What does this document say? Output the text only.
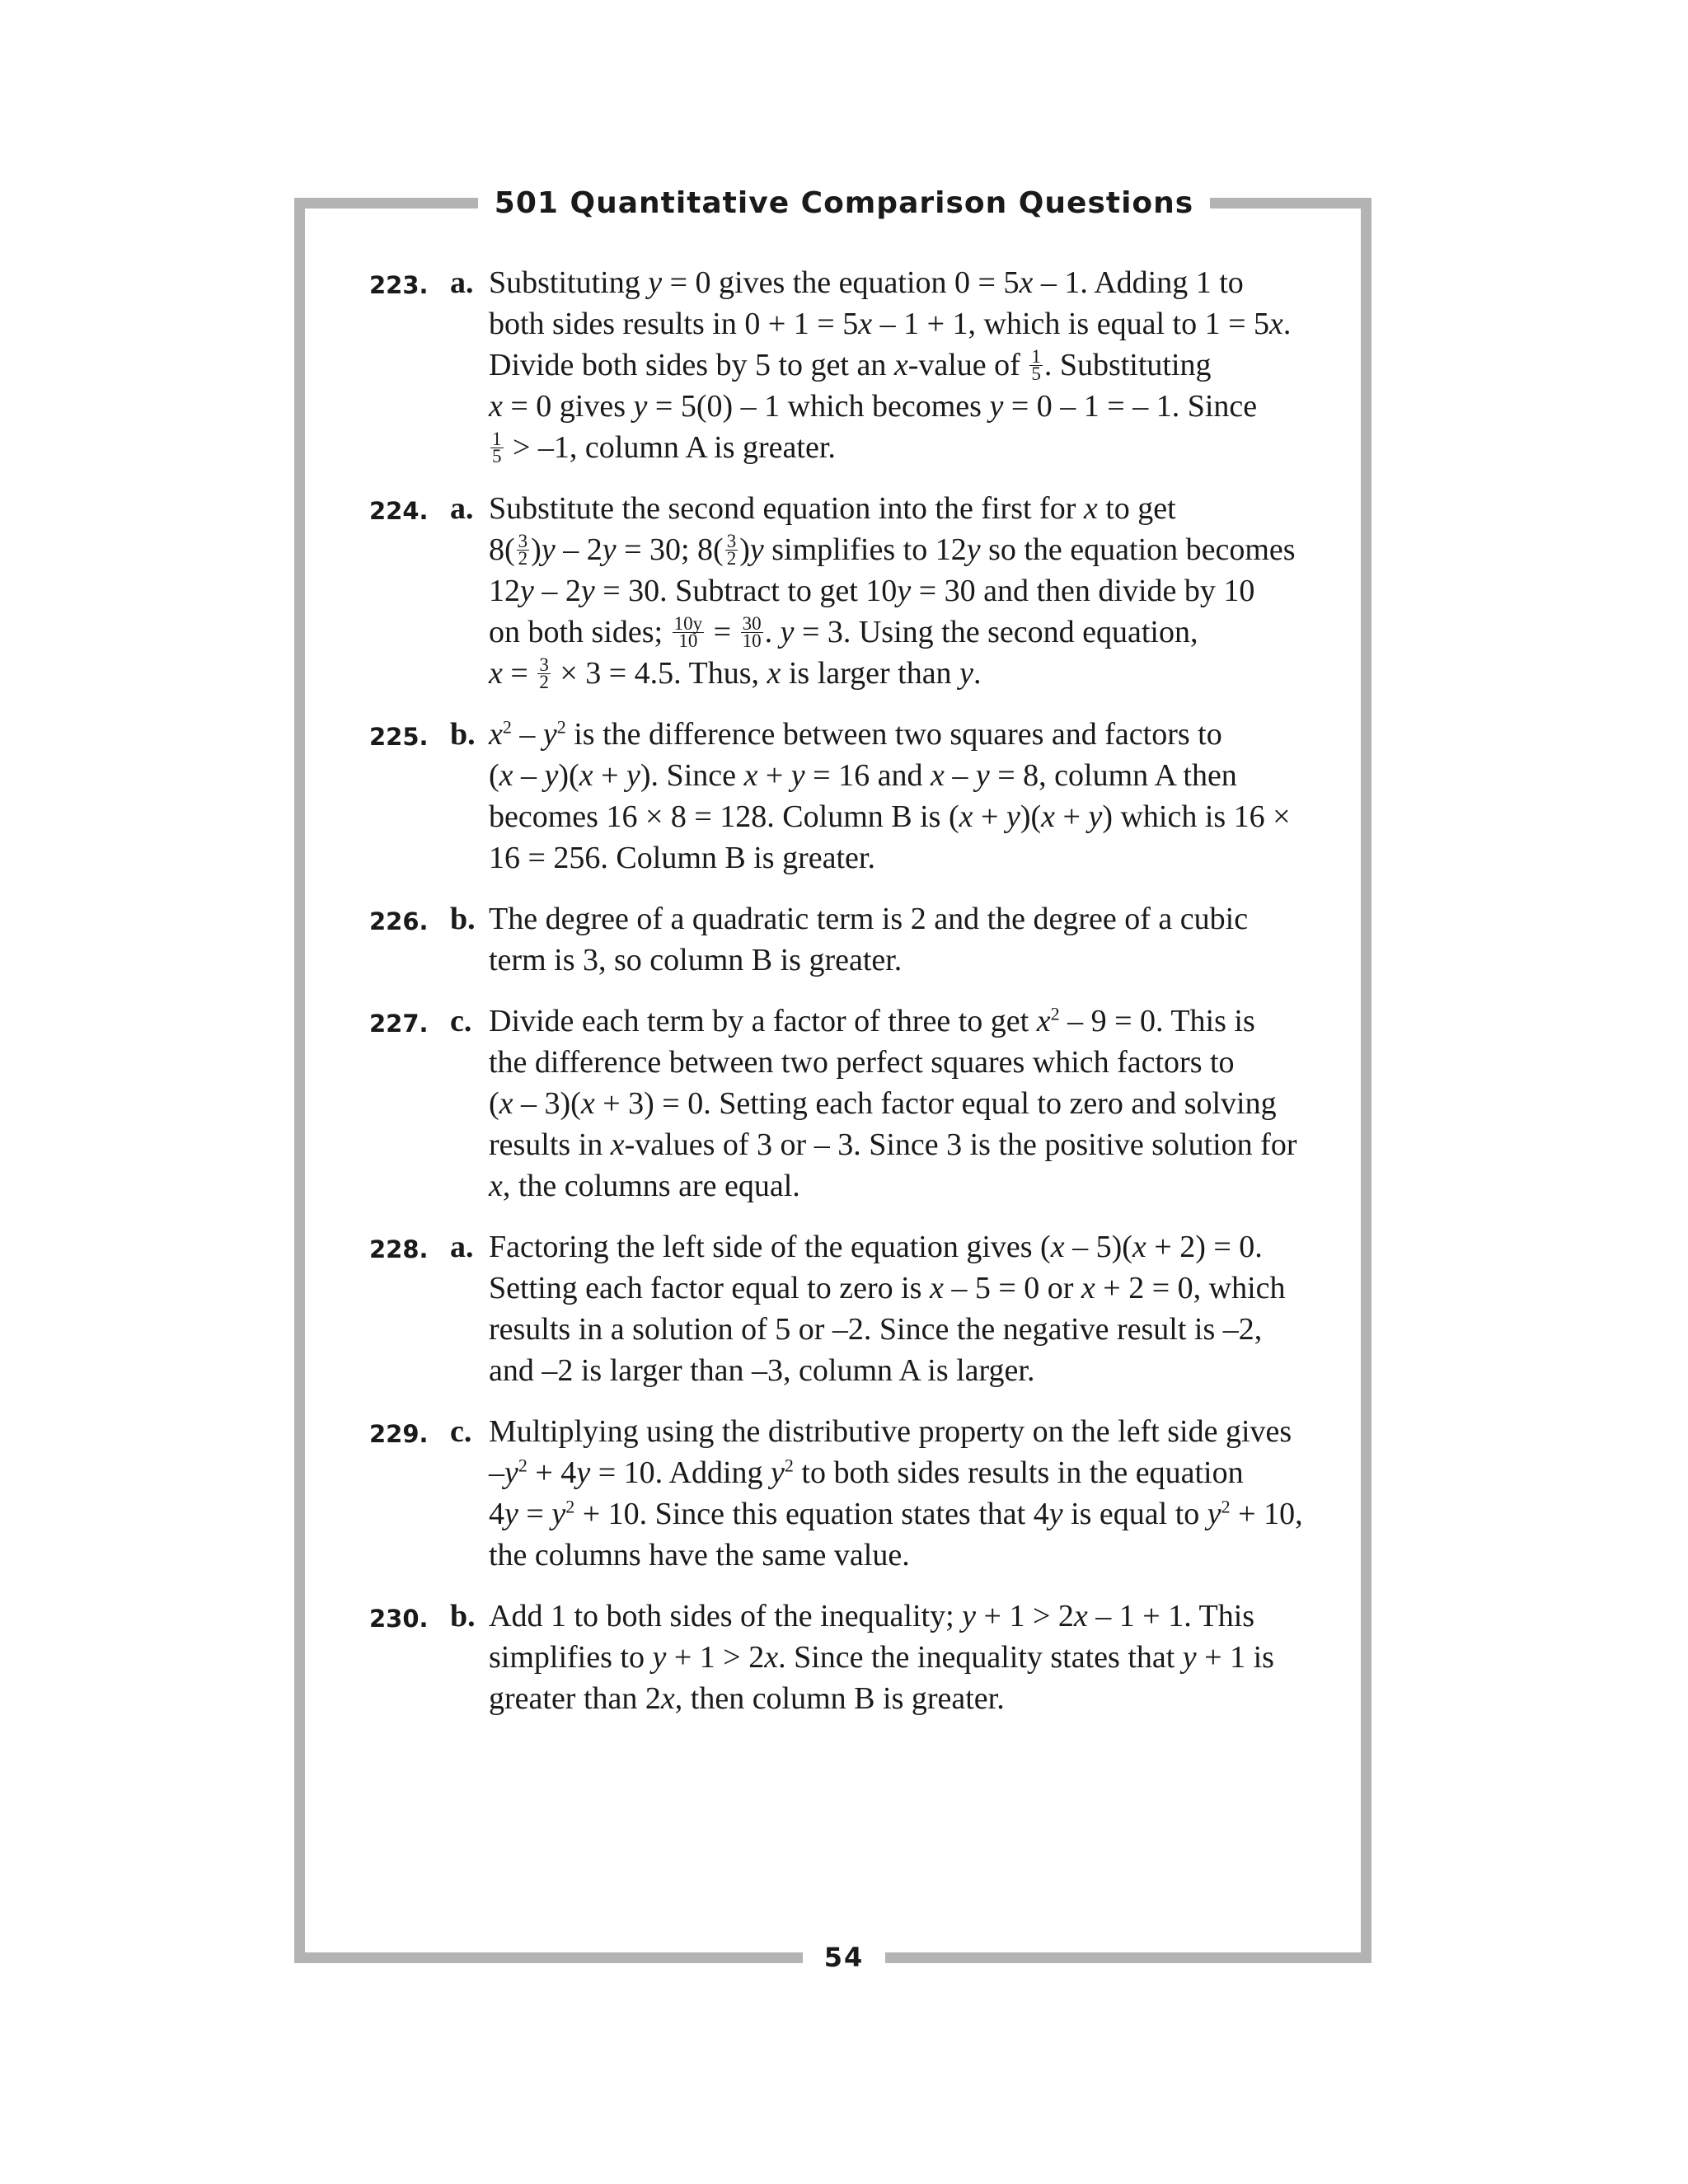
501 Quantitative Comparison Questions
223. a. Substituting y = 0 gives the equation 0 = 5x – 1. Adding 1 to
both sides results in 0 + 1 = 5x – 1 + 1, which is equal to 1 = 5x.
Divide both sides by 5 to get an x-value of $\frac{1}{5}$ . Substituting
x = 0 gives y = 5(0) – 1 which becomes y = 0 – 1 = – 1. Since
$\frac{1}{5} > -1$, column A is greater.
224. a. Substitute the second equation into the first for x to get
$8( \frac{3}{2} )y - 2y = 30$; $8( \frac{3}{2} )y$ simplifies to 12y so the equation becomes
12y – 2y = 30. Subtract to get 10y = 30 and then divide by 10
on both sides; $\frac{10y}{10} = \frac{30}{10}$ . y = 3. Using the second equation,
$x = \frac{3}{2} \times 3 = 4.5$. Thus, x is larger than y.
225. b. $x^2 - y^2$ is the difference between two squares and factors to
(x – y)(x + y). Since x + y = 16 and x – y = 8, column A then
becomes 16 × 8 = 128. Column B is (x + y)(x + y) which is 16 ×
16 = 256. Column B is greater.
226. b. The degree of a quadratic term is 2 and the degree of a cubic
term is 3, so column B is greater.
227. c. Divide each term by a factor of three to get $x^2 - 9 = 0$. This is
the difference between two perfect squares which factors to
(x – 3)(x + 3) = 0. Setting each factor equal to zero and solving
results in x-values of 3 or – 3. Since 3 is the positive solution for
x, the columns are equal.
228. a. Factoring the left side of the equation gives (x – 5)(x + 2) = 0.
Setting each factor equal to zero is x – 5 = 0 or x + 2 = 0, which
results in a solution of 5 or –2. Since the negative result is –2,
and –2 is larger than –3, column A is larger.
229. c. Multiplying using the distributive property on the left side gives
$-y^2 + 4y = 10$. Adding $y^2$ to both sides results in the equation
$4y = y^2 + 10$. Since this equation states that 4y is equal to $y^2 + 10$,
the columns have the same value.
230. b. Add 1 to both sides of the inequality; y + 1 > 2x – 1 + 1. This
simplifies to y + 1 > 2x. Since the inequality states that y + 1 is
greater than 2x, then column B is greater.
54
